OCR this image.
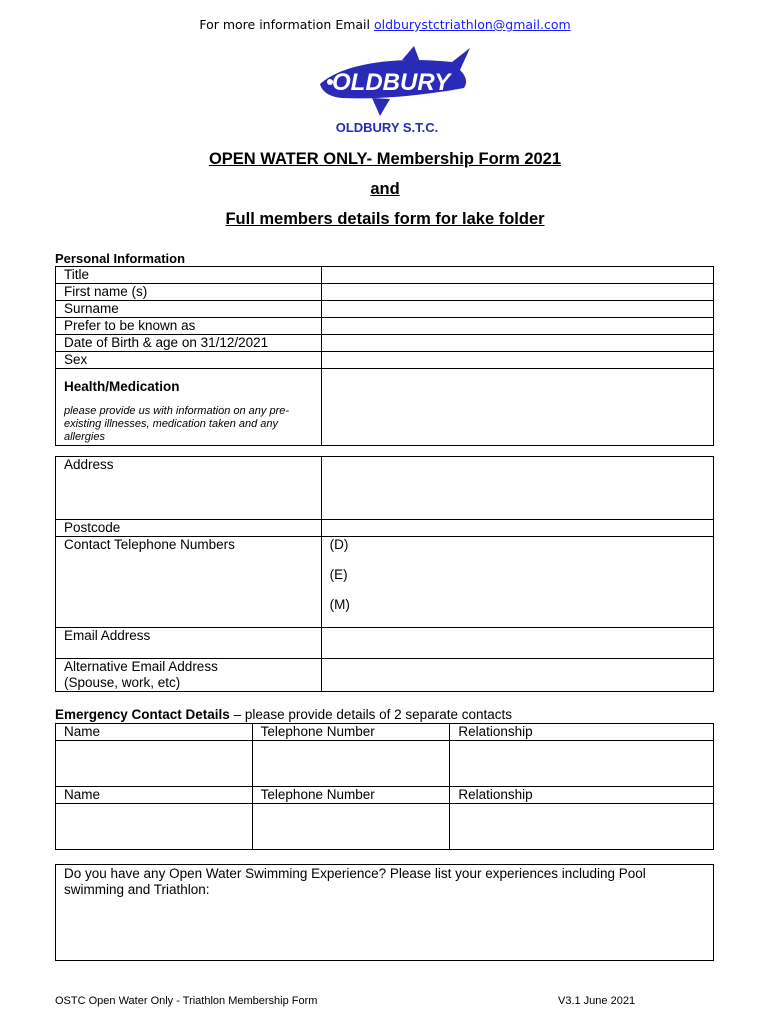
For more information Email oldburystctriathlon@gmail.com
OLDBURY
OLDBURY S.T.C.
OPEN WATER ONLY- Membership Form 2021
and
Full members details form for lake folder
Personal Information
Title	
First name (s)	
Surname	
Prefer to be known as	
Date of Birth & age on 31/12/2021	
Sex	

Health/Medication
please provide us with information on any pre-existing illnesses, medication taken and any allergies	

Address	
Postcode	
Contact Telephone Numbers	(D)
(E)
(M)

Email Address	

Alternative Email Address
(Spouse, work, etc)	

Emergency Contact Details – please provide details of 2 separate contacts
Name	Telephone Number	Relationship

Name	Telephone Number	Relationship

Do you have any Open Water Swimming Experience? Please list your experiences including Pool swimming and Triathlon:
OSTC Open Water Only - Triathlon Membership Form	V3.1 June 2021
